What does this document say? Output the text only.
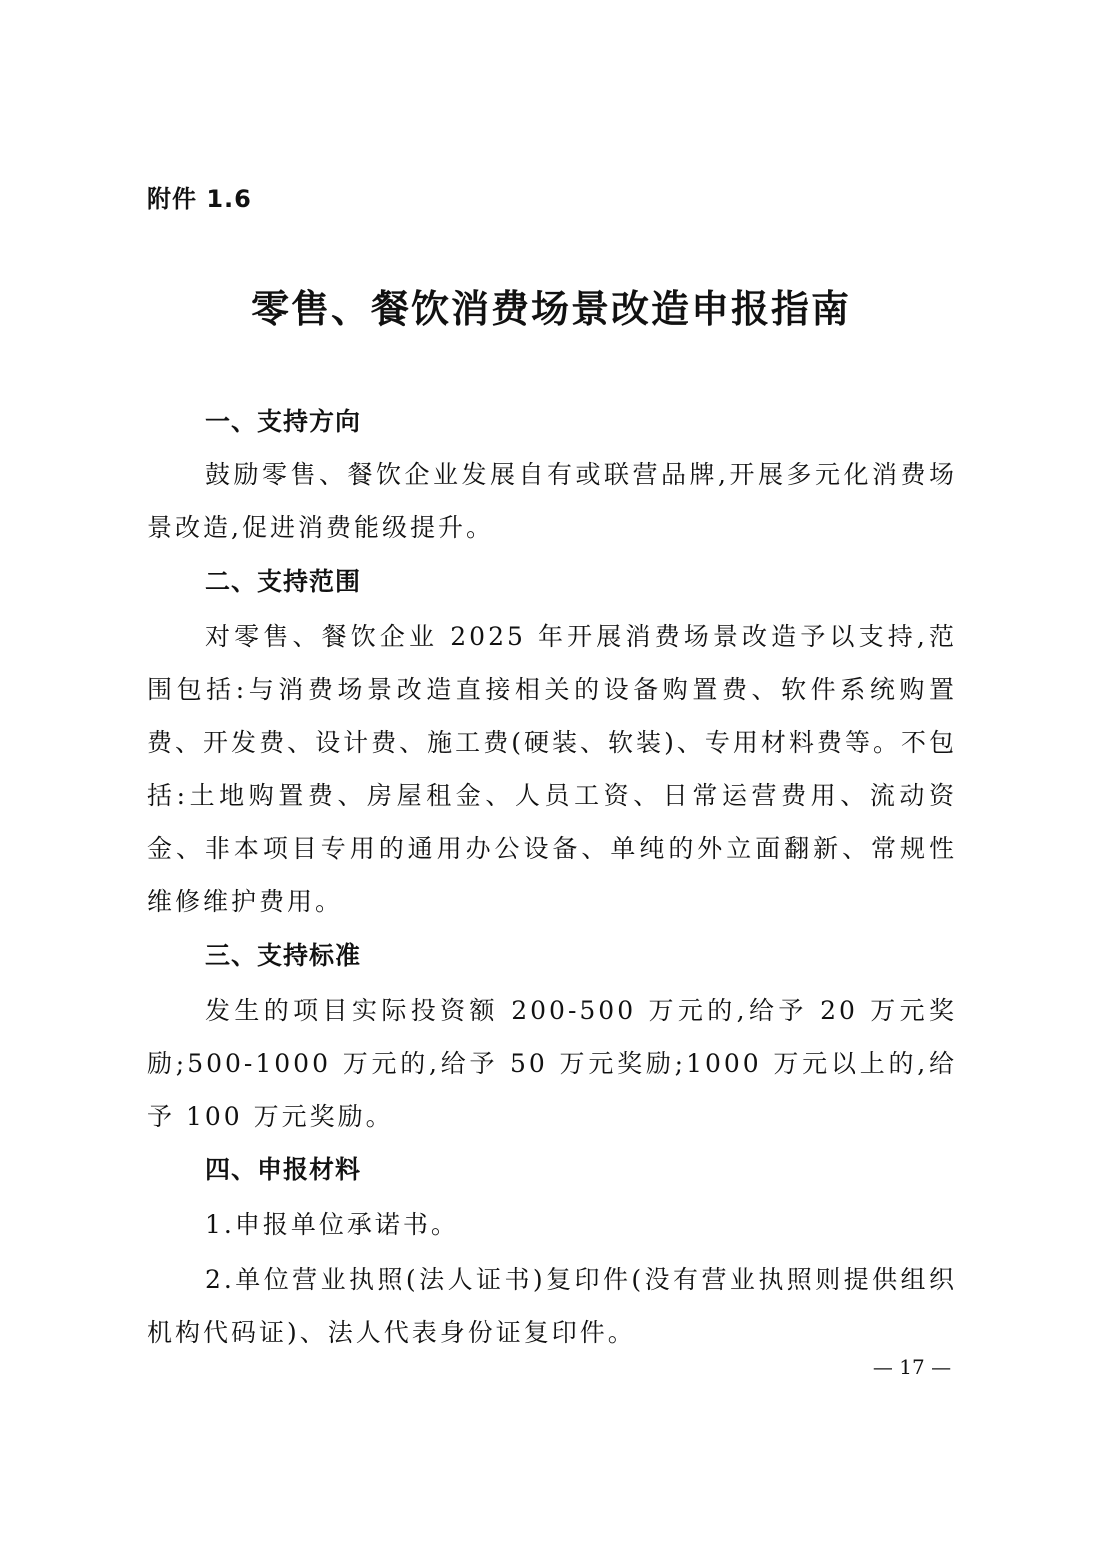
附件 1.6
零售、餐饮消费场景改造申报指南
一、支持方向
鼓励零售、餐饮企业发展自有或联营品牌,开展多元化消费场景改造,促进消费能级提升。
二、支持范围
对零售、餐饮企业 2025 年开展消费场景改造予以支持,范围包括:与消费场景改造直接相关的设备购置费、软件系统购置费、开发费、设计费、施工费(硬装、软装)、专用材料费等。不包括:土地购置费、房屋租金、人员工资、日常运营费用、流动资金、非本项目专用的通用办公设备、单纯的外立面翻新、常规性维修维护费用。
三、支持标准
发生的项目实际投资额 200-500 万元的,给予 20 万元奖励;500-1000 万元的,给予 50 万元奖励;1000 万元以上的,给予 100 万元奖励。
四、申报材料
1.申报单位承诺书。
2.单位营业执照(法人证书)复印件(没有营业执照则提供组织机构代码证)、法人代表身份证复印件。
— 17 —
